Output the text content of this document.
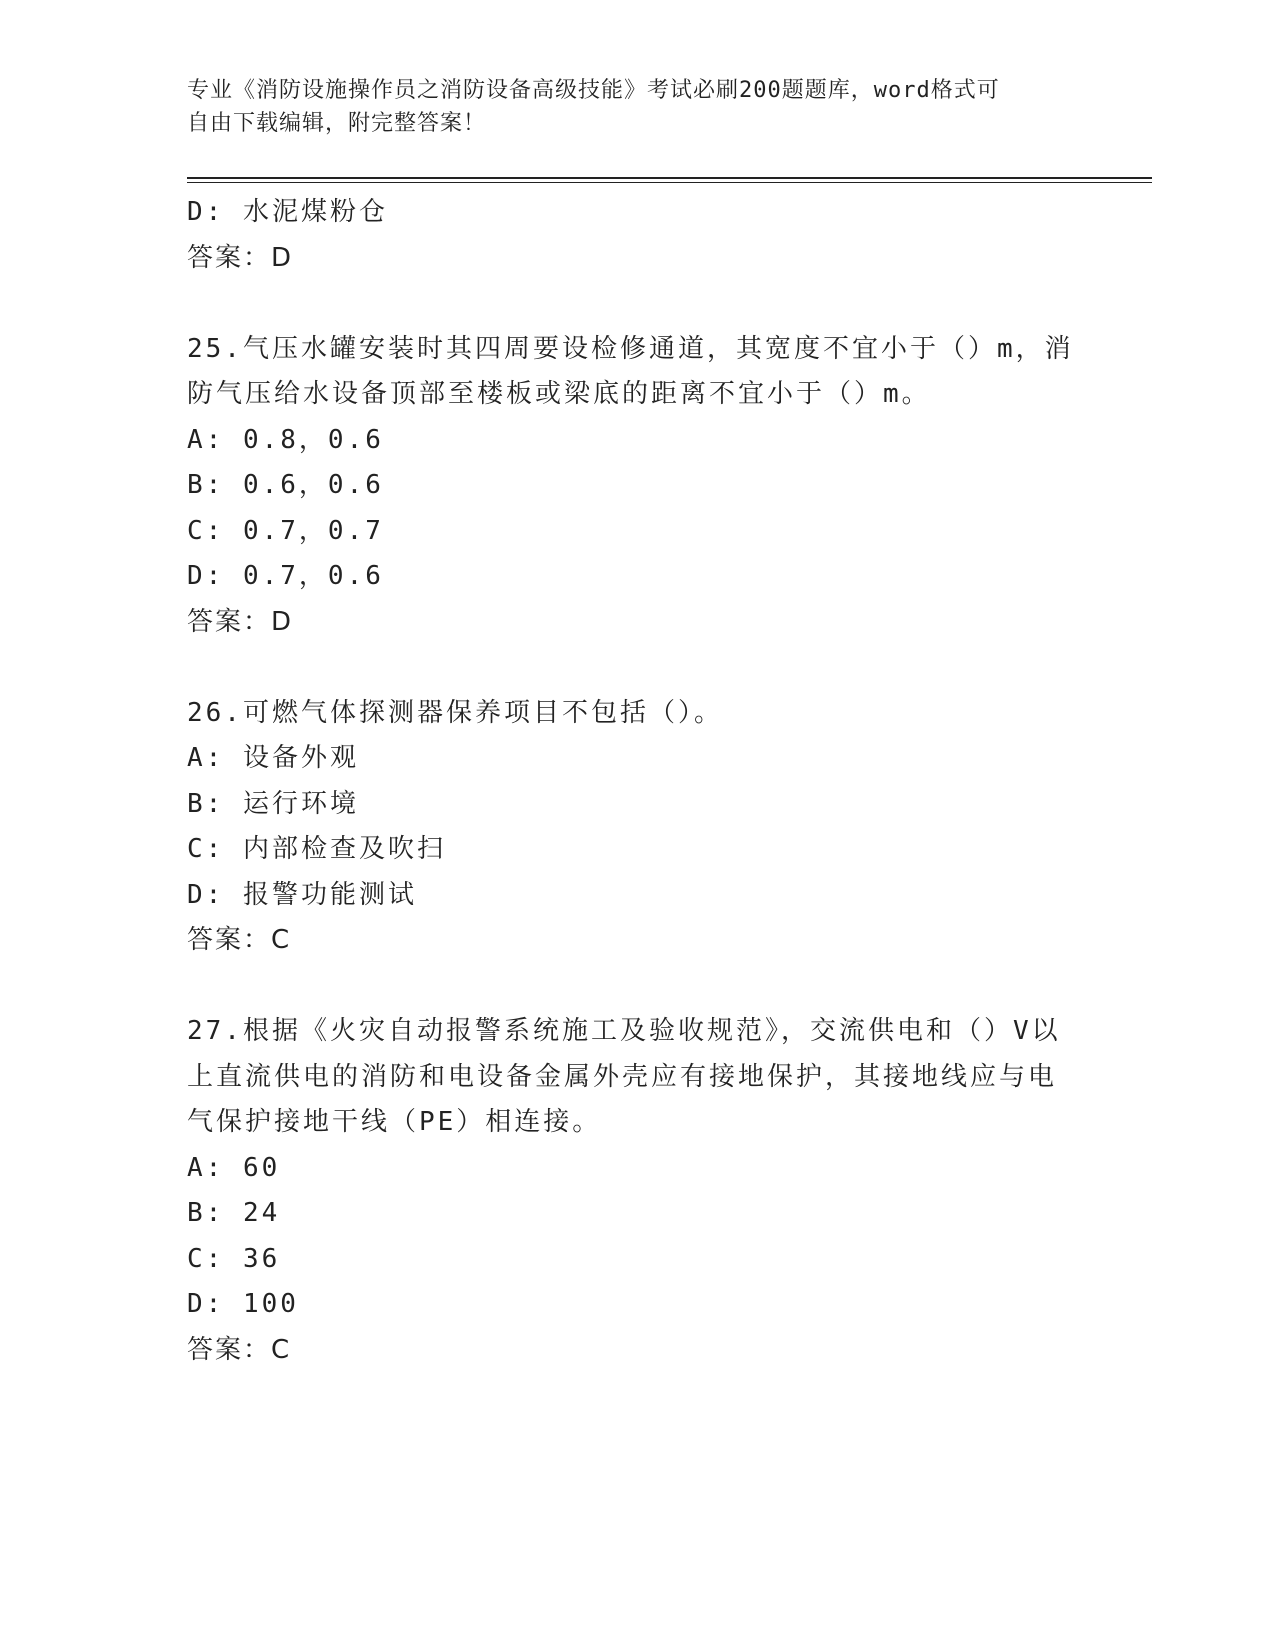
专业《消防设施操作员之消防设备高级技能》考试必刷200题题库，word格式可
自由下载编辑，附完整答案！
D: 水泥煤粉仓
答案：D
25.气压水罐安装时其四周要设检修通道，其宽度不宜小于（）m，消
防气压给水设备顶部至楼板或梁底的距离不宜小于（）m。
A: 0.8，0.6
B: 0.6，0.6
C: 0.7，0.7
D: 0.7，0.6
答案：D
26.可燃气体探测器保养项目不包括（）。
A: 设备外观
B: 运行环境
C: 内部检查及吹扫
D: 报警功能测试
答案：C
27.根据《火灾自动报警系统施工及验收规范》，交流供电和（）V以
上直流供电的消防和电设备金属外壳应有接地保护，其接地线应与电
气保护接地干线（PE）相连接。
A: 60
B: 24
C: 36
D: 100
答案：C
